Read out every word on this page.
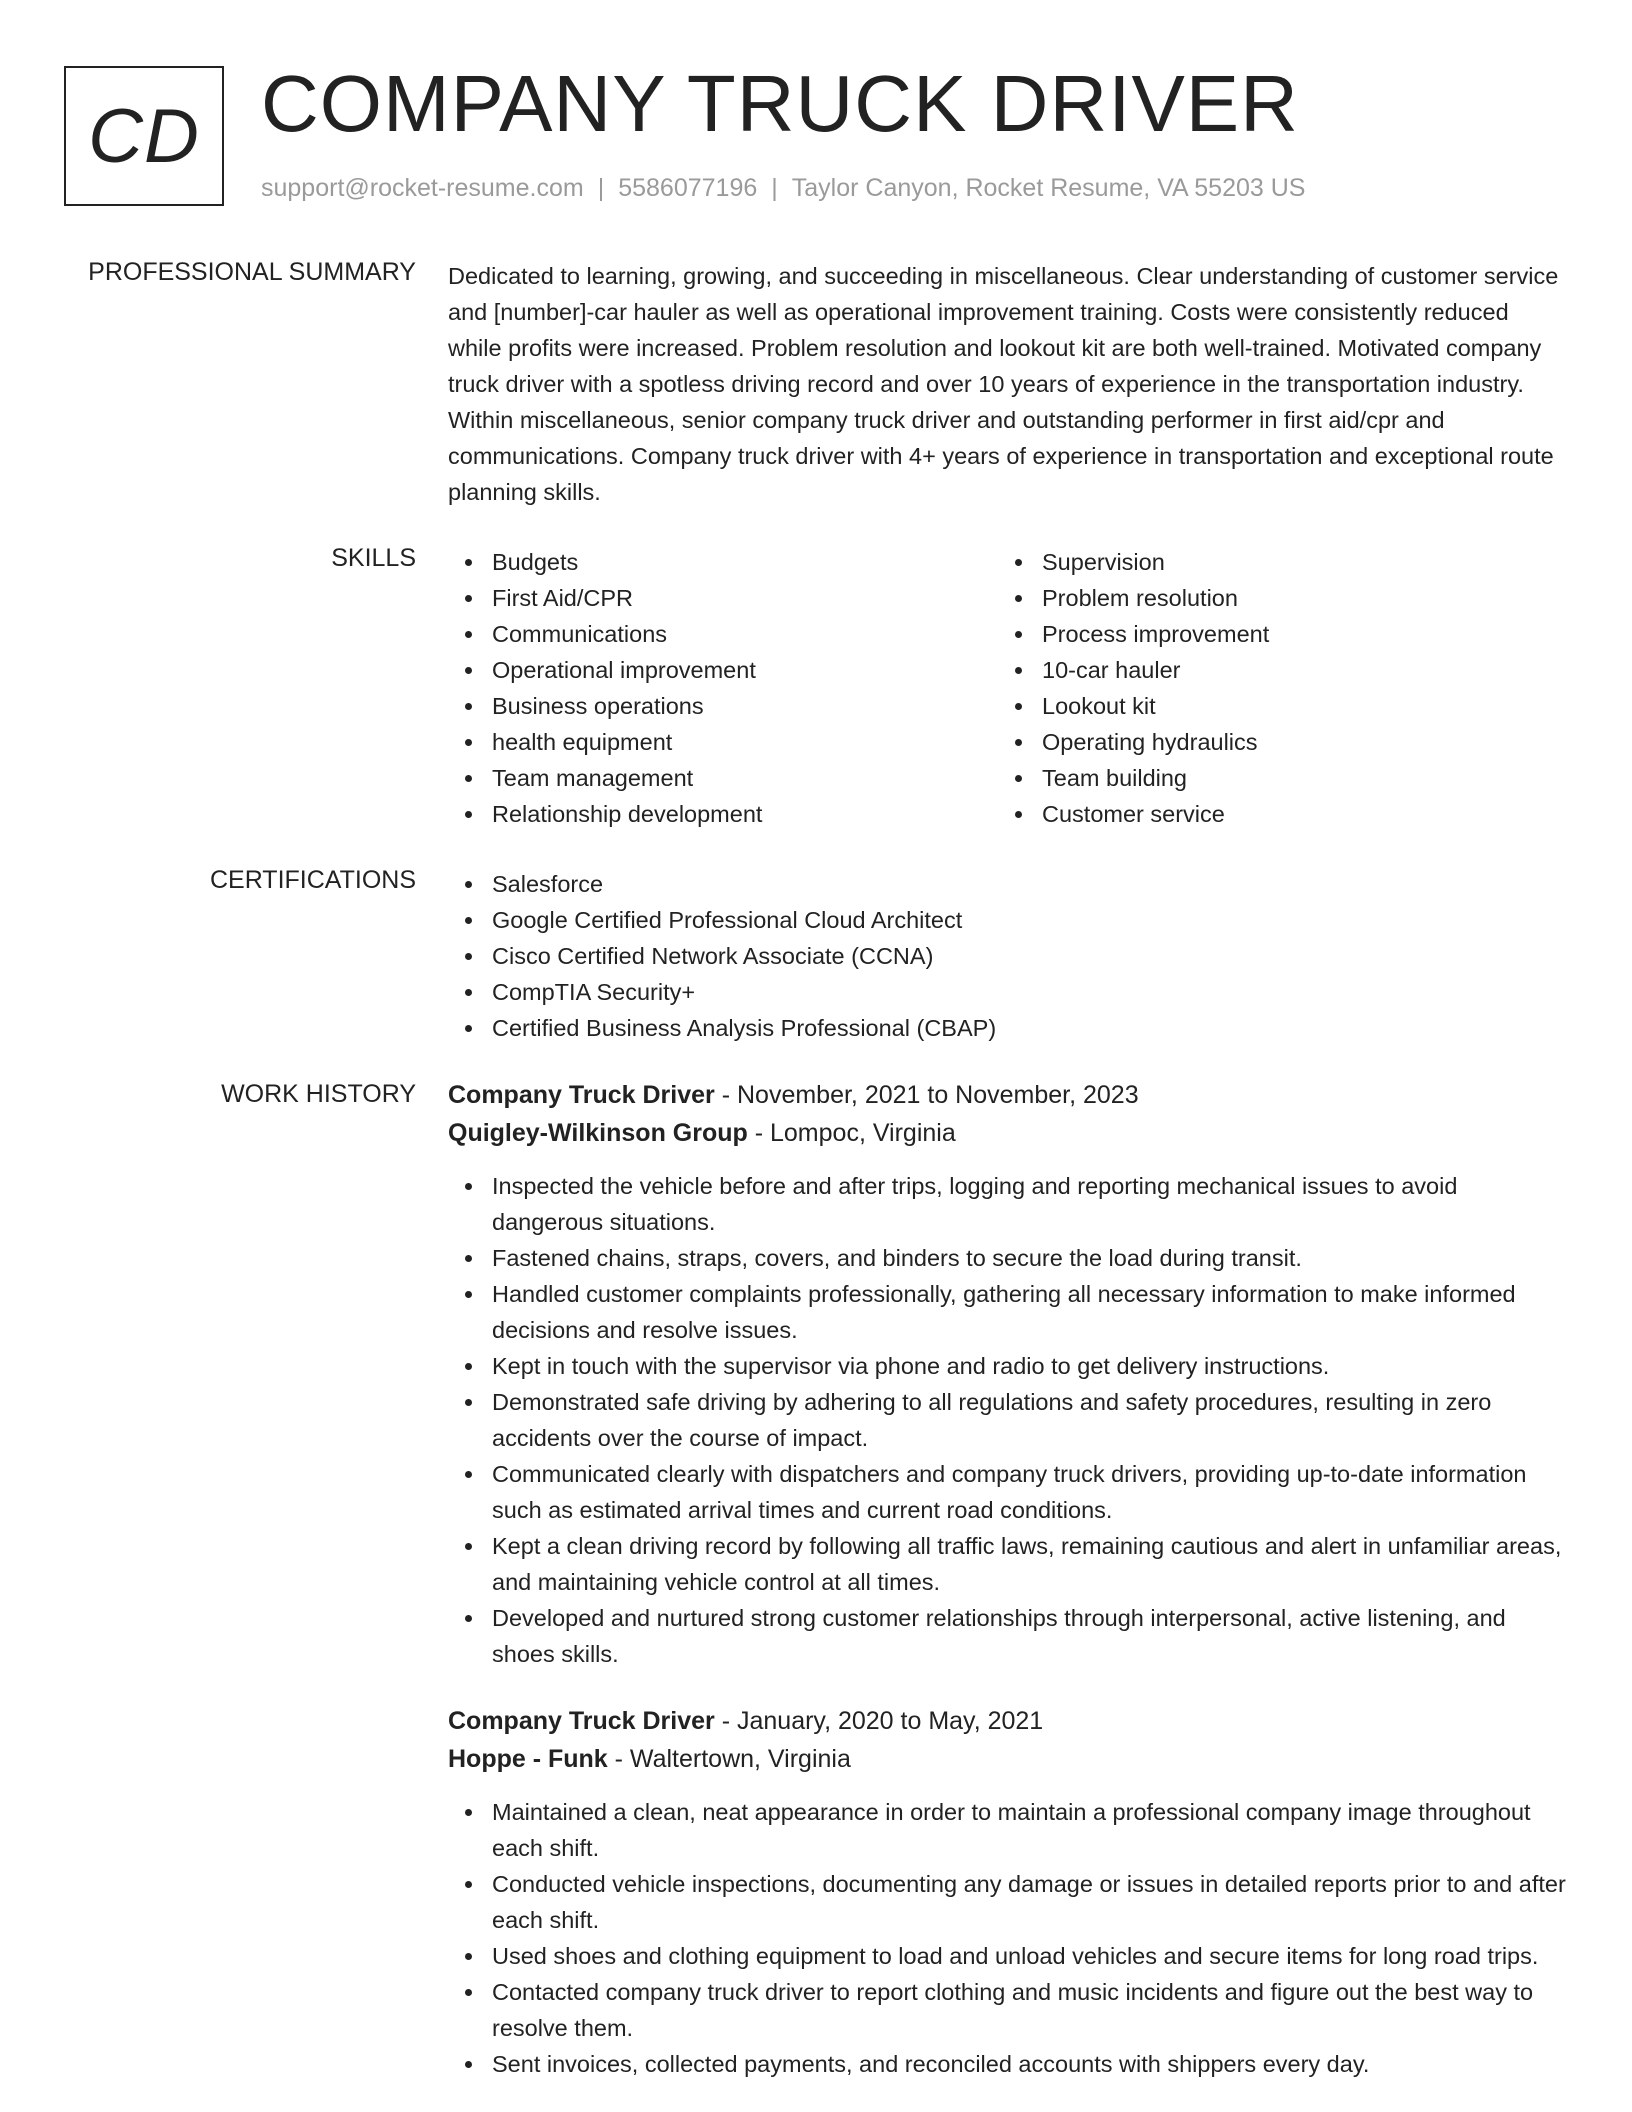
CD COMPANY TRUCK DRIVER
support@rocket-resume.com | 5586077196 | Taylor Canyon, Rocket Resume, VA 55203 US
PROFESSIONAL SUMMARY Dedicated to learning, growing, and succeeding in miscellaneous. Clear understanding of customer service and [number]-car hauler as well as operational improvement training. Costs were consistently reduced while profits were increased. Problem resolution and lookout kit are both well-trained. Motivated company truck driver with a spotless driving record and over 10 years of experience in the transportation industry. Within miscellaneous, senior company truck driver and outstanding performer in first aid/cpr and communications. Company truck driver with 4+ years of experience in transportation and exceptional route planning skills.

SKILLS	Budgets
First Aid/CPR
Communications
Operational improvement
Business operations
health equipment
Team management
Relationship development
Supervision
Problem resolution
Process improvement
10-car hauler
Lookout kit
Operating hydraulics
Team building
Customer service
CERTIFICATIONS	Salesforce
Google Certified Professional Cloud Architect
Cisco Certified Network Associate (CCNA)
CompTIA Security+
Certified Business Analysis Professional (CBAP)
WORK HISTORY Company Truck Driver - November, 2021 to November, 2023
Quigley-Wilkinson Group - Lompoc, Virginia
Inspected the vehicle before and after trips, logging and reporting mechanical issues to avoid dangerous situations.
Fastened chains, straps, covers, and binders to secure the load during transit.
Handled customer complaints professionally, gathering all necessary information to make informed decisions and resolve issues.
Kept in touch with the supervisor via phone and radio to get delivery instructions.
Demonstrated safe driving by adhering to all regulations and safety procedures, resulting in zero accidents over the course of impact.
Communicated clearly with dispatchers and company truck drivers, providing up-to-date information such as estimated arrival times and current road conditions.
Kept a clean driving record by following all traffic laws, remaining cautious and alert in unfamiliar areas, and maintaining vehicle control at all times.
Developed and nurtured strong customer relationships through interpersonal, active listening, and shoes skills.
Company Truck Driver - January, 2020 to May, 2021
Hoppe - Funk - Waltertown, Virginia
Maintained a clean, neat appearance in order to maintain a professional company image throughout each shift.
Conducted vehicle inspections, documenting any damage or issues in detailed reports prior to and after each shift.
Used shoes and clothing equipment to load and unload vehicles and secure items for long road trips.
Contacted company truck driver to report clothing and music incidents and figure out the best way to resolve them.
Sent invoices, collected payments, and reconciled accounts with shippers every day.
